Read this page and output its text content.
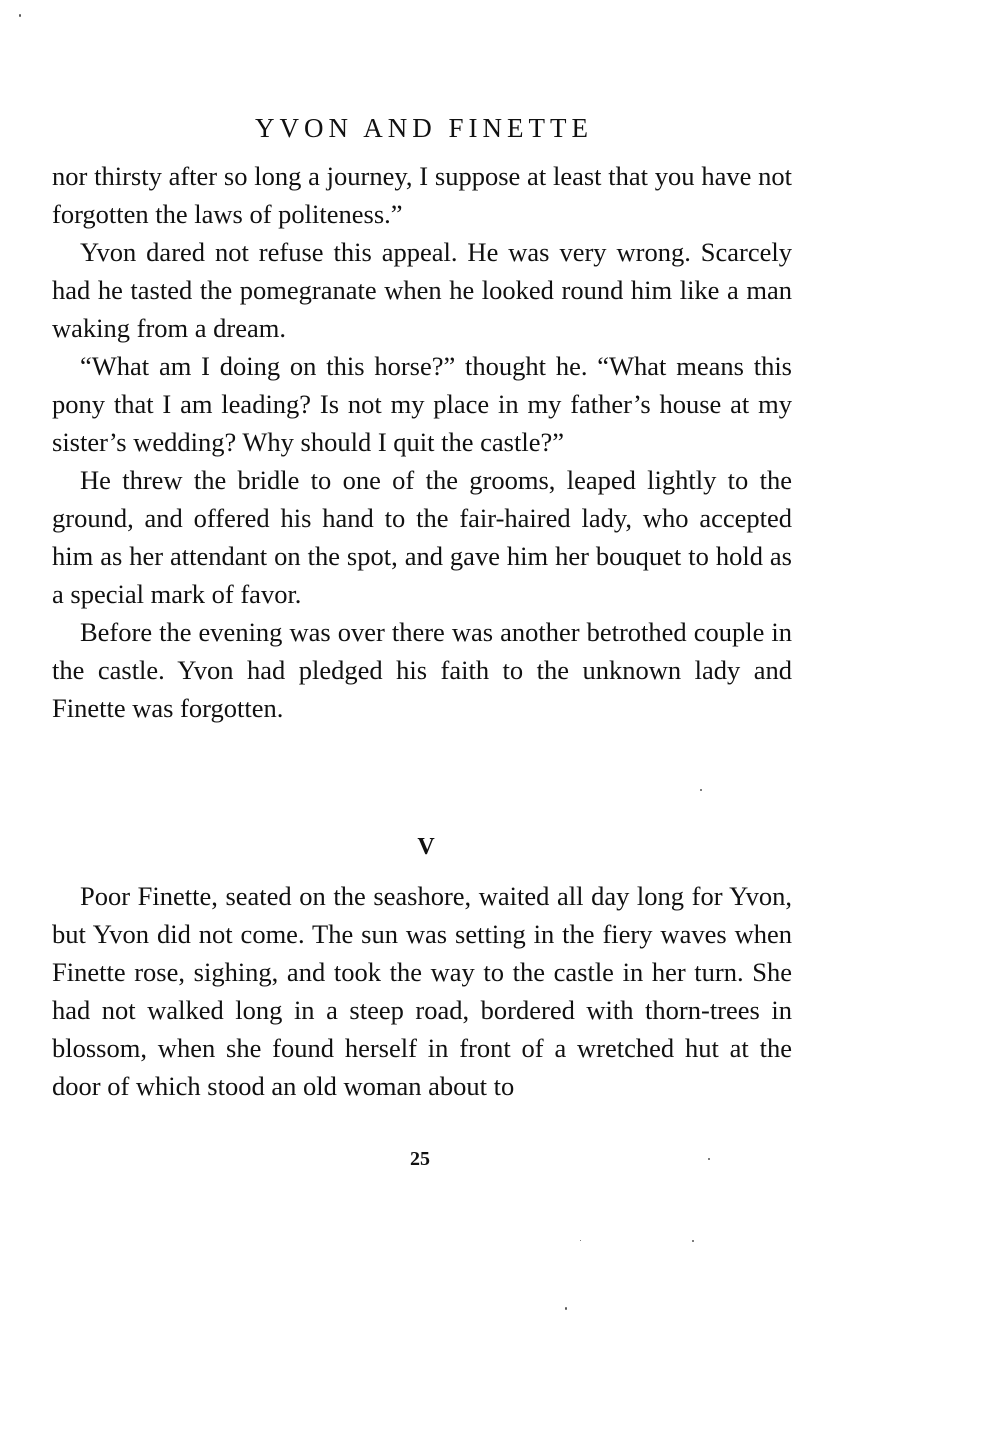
YVON AND FINETTE

nor thirsty after so long a journey, I suppose at least that you have not forgotten the laws of politeness.”

Yvon dared not refuse this appeal. He was very wrong. Scarcely had he tasted the pomegranate when he looked round him like a man waking from a dream.

“What am I doing on this horse?” thought he. “What means this pony that I am leading? Is not my place in my father’s house at my sister’s wedding? Why should I quit the castle?”

He threw the bridle to one of the grooms, leaped lightly to the ground, and offered his hand to the fair-haired lady, who accepted him as her attendant on the spot, and gave him her bouquet to hold as a special mark of favor.

Before the evening was over there was another betrothed couple in the castle. Yvon had pledged his faith to the unknown lady and Finette was forgotten.

V

Poor Finette, seated on the seashore, waited all day long for Yvon, but Yvon did not come. The sun was setting in the fiery waves when Finette rose, sighing, and took the way to the castle in her turn. She had not walked long in a steep road, bordered with thorn-trees in blossom, when she found herself in front of a wretched hut at the door of which stood an old woman about to

25
